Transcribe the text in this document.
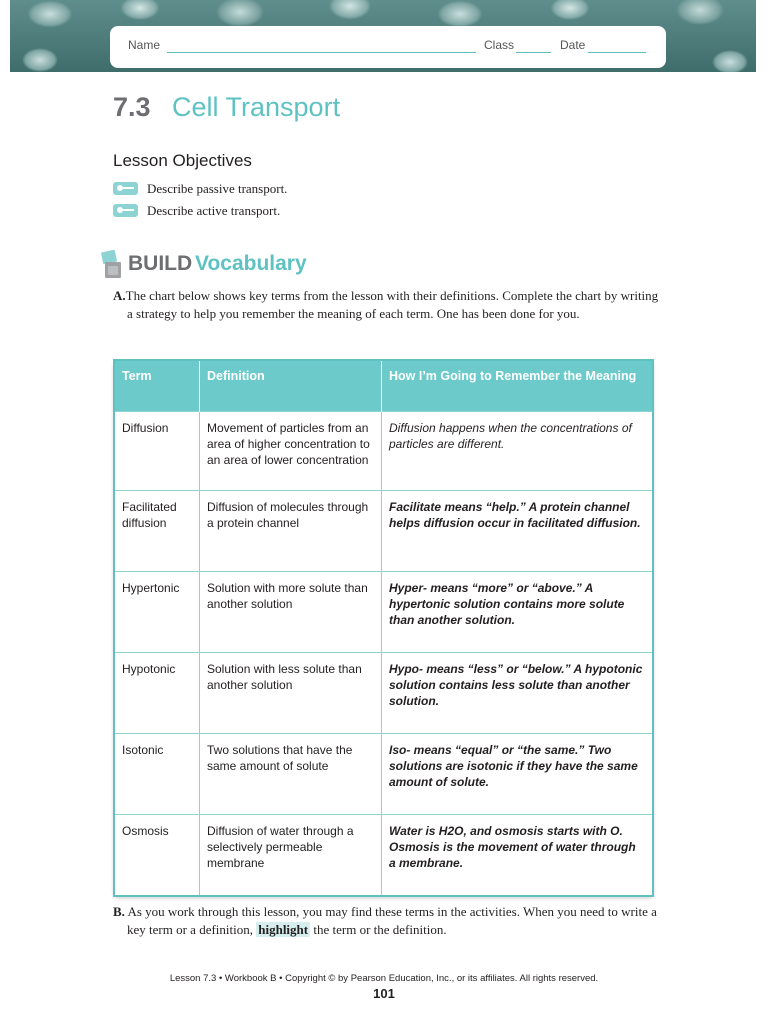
Name	Class	Date
7.3 Cell Transport
Lesson Objectives
Describe passive transport.
Describe active transport.
BUILD Vocabulary
A.The chart below shows key terms from the lesson with their definitions. Complete the chart by writing a strategy to help you remember the meaning of each term. One has been done for you.
Term	Definition	How I’m Going to Remember the Meaning
Diffusion	Movement of particles from an area of higher concentration to an area of lower concentration	Diffusion happens when the concentrations of particles are different.
Facilitated diffusion	Diffusion of molecules through a protein channel	Facilitate means “help.” A protein channel helps diffusion occur in facilitated diffusion.
Hypertonic	Solution with more solute than another solution	Hyper- means “more” or “above.” A hypertonic solution contains more solute than another solution.
Hypotonic	Solution with less solute than another solution	Hypo- means “less” or “below.” A hypotonic solution contains less solute than another solution.
Isotonic	Two solutions that have the same amount of solute	Iso- means “equal” or “the same.” Two solutions are isotonic if they have the same amount of solute.
Osmosis	Diffusion of water through a selectively permeable membrane	Water is H2O, and osmosis starts with O. Osmosis is the movement of water through a membrane.
B. As you work through this lesson, you may find these terms in the activities. When you need to write a key term or a definition, highlight the term or the definition.
Lesson 7.3 • Workbook B • Copyright © by Pearson Education, Inc., or its affiliates. All rights reserved.
101
